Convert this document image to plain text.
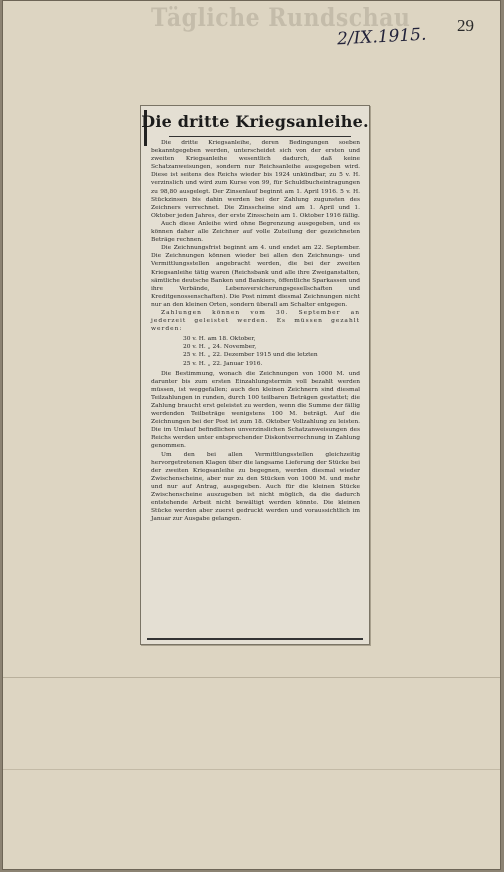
Tägliche Rundschau	29
2/IX.1915.
Die dritte Kriegsanleihe.

Die dritte Kriegsanleihe, deren Bedingungen soeben bekanntgegeben werden, unterscheidet sich von der ersten und zweiten Kriegsanleihe wesentlich dadurch, daß keine Schatzanweisungen, sondern nur Reichsanleihe ausgegeben wird. Diese ist seitens des Reichs wieder bis 1924 unkündbar, zu 5 v. H. verzinslich und wird zum Kurse von 99, für Schuldbucheintragungen zu 98,80 ausgelegt. Der Zinsenlauf beginnt am 1. April 1916. 5 v. H. Stückzinsen bis dahin werden bei der Zahlung zugunsten des Zeichners verrechnet. Die Zinsscheine sind am 1. April und 1. Oktober jeden Jahres, der erste Zinsschein am 1. Oktober 1916 fällig.

Auch diese Anleihe wird ohne Begrenzung ausgegeben, und es können daher alle Zeichner auf volle Zuteilung der gezeichneten Beträge rechnen.

Die Zeichnungsfrist beginnt am 4. und endet am 22. September. Die Zeichnungen können wieder bei allen den Zeichnungs- und Vermittlungsstellen angebracht werden, die bei der zweiten Kriegsanleihe tätig waren (Reichsbank und alle ihre Zweiganstalten, sämtliche deutsche Banken und Bankiers, öffentliche Sparkassen und ihre Verbände, Lebensversicherungsgesellschaften und Kreditgenossenschaften). Die Post nimmt diesmal Zeichnungen nicht nur an den kleinen Orten, sondern überall am Schalter entgegen.

Zahlungen können vom 30. September an jederzeit geleistet werden. Es müssen gezahlt werden:

30 v. H. am 18. Oktober,
20 v. H. „ 24. November,
25 v. H. „ 22. Dezember 1915 und die letzten
25 v. H. „ 22. Januar 1916.

Die Bestimmung, wonach die Zeichnungen von 1000 M. und darunter bis zum ersten Einzahlungstermin voll bezahlt werden müssen, ist weggefallen; auch den kleinen Zeichnern sind diesmal Teilzahlungen in runden, durch 100 teilbaren Beträgen gestattet; die Zahlung braucht erst geleistet zu werden, wenn die Summe der fällig werdenden Teilbeträge wenigstens 100 M. beträgt. Auf die Zeichnungen bei der Post ist zum 18. Oktober Vollzahlung zu leisten. Die im Umlauf befindlichen unverzinslichen Schatzanweisungen des Reichs werden unter entsprechender Diskontverrechnung in Zahlung genommen.

Um den bei allen Vermittlungsstellen gleichzeitig hervorgetretenen Klagen über die langsame Lieferung der Stücke bei der zweiten Kriegsanleihe zu begegnen, werden diesmal wieder Zwischenscheine, aber nur zu den Stücken von 1000 M. und mehr und nur auf Antrag, ausgegeben. Auch für die kleinen Stücke Zwischenscheine auszugeben ist nicht möglich, da die dadurch entstehende Arbeit nicht bewältigt werden könnte. Die kleinen Stücke werden aber zuerst gedruckt werden und voraussichtlich im Januar zur Ausgabe gelangen.
